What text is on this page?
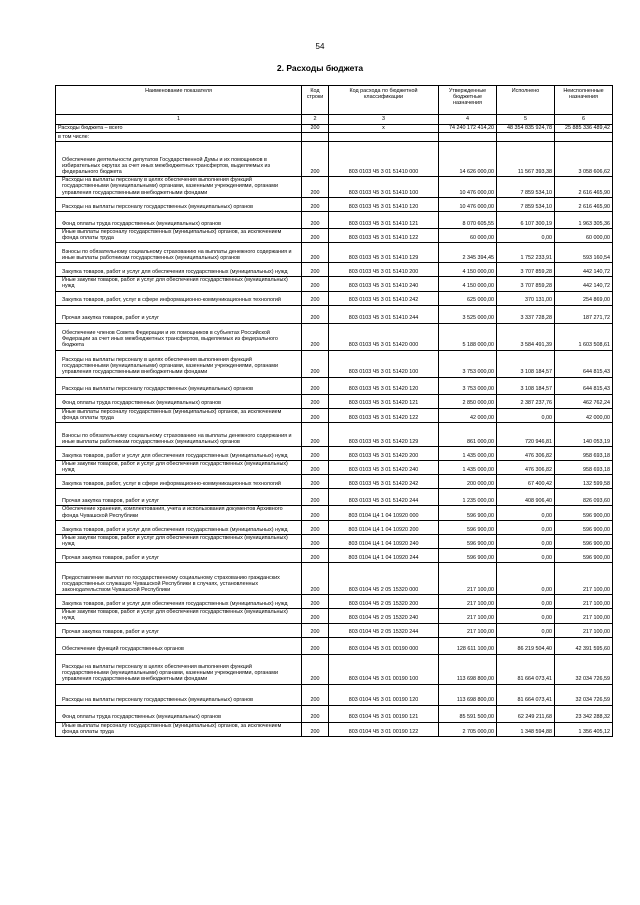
54
2. Расходы бюджета
Наименование показателя	Код строки	Код расхода по бюджетной классификации	Утвержденные бюджетные назначения	Исполнено	Неисполненные назначения
1	2	3	4	5	6
Расходы бюджета – всего	200	x	74 240 172 414,20	48 354 835 924,78	25 885 336 489,42
в том числе:					
Обеспечение деятельности депутатов Государственной Думы и их помощников в избирательных округах за счет иных межбюджетных трансфертов, выделяемых из федерального бюджета	200	803 0103 Ч5 3 01 51410 000	14 626 000,00	11 567 393,38	3 058 606,62
Расходы на выплаты персоналу в целях обеспечения выполнения функций государственными (муниципальными) органами, казенными учреждениями, органами управления государственными внебюджетными фондами	200	803 0103 Ч5 3 01 51410 100	10 476 000,00	7 859 534,10	2 616 465,90
Расходы на выплаты персоналу государственных (муниципальных) органов	200	803 0103 Ч5 3 01 51410 120	10 476 000,00	7 859 534,10	2 616 465,90
Фонд оплаты труда государственных (муниципальных) органов	200	803 0103 Ч5 3 01 51410 121	8 070 605,55	6 107 300,19	1 963 305,36
Иные выплаты персоналу государственных (муниципальных) органов, за исключением фонда оплаты труда	200	803 0103 Ч5 3 01 51410 122	60 000,00	0,00	60 000,00
Взносы по обязательному социальному страхованию на выплаты денежного содержания и иные выплаты работникам государственных (муниципальных) органов	200	803 0103 Ч5 3 01 51410 129	2 345 394,45	1 752 233,91	593 160,54
Закупка товаров, работ и услуг для обеспечения государственных (муниципальных) нужд	200	803 0103 Ч5 3 01 51410 200	4 150 000,00	3 707 859,28	442 140,72
Иные закупки товаров, работ и услуг для обеспечения государственных (муниципальных) нужд	200	803 0103 Ч5 3 01 51410 240	4 150 000,00	3 707 859,28	442 140,72
Закупка товаров, работ, услуг в сфере информационно-коммуникационных технологий	200	803 0103 Ч5 3 01 51410 242	625 000,00	370 131,00	254 869,00
Прочая закупка товаров, работ и услуг	200	803 0103 Ч5 3 01 51410 244	3 525 000,00	3 337 728,28	187 271,72
Обеспечение членов Совета Федерации и их помощников в субъектах Российской Федерации за счет иных межбюджетных трансфертов, выделяемых из федерального бюджета	200	803 0103 Ч5 3 01 51420 000	5 188 000,00	3 584 491,39	1 603 508,61
Расходы на выплаты персоналу в целях обеспечения выполнения функций государственными (муниципальными) органами, казенными учреждениями, органами управления государственными внебюджетными фондами	200	803 0103 Ч5 3 01 51420 100	3 753 000,00	3 108 184,57	644 815,43
Расходы на выплаты персоналу государственных (муниципальных) органов	200	803 0103 Ч5 3 01 51420 120	3 753 000,00	3 108 184,57	644 815,43
Фонд оплаты труда государственных (муниципальных) органов	200	803 0103 Ч5 3 01 51420 121	2 850 000,00	2 387 237,76	462 762,24
Иные выплаты персоналу государственных (муниципальных) органов, за исключением фонда оплаты труда	200	803 0103 Ч5 3 01 51420 122	42 000,00	0,00	42 000,00
Взносы по обязательному социальному страхованию на выплаты денежного содержания и иные выплаты работникам государственных (муниципальных) органов	200	803 0103 Ч5 3 01 51420 129	861 000,00	720 946,81	140 053,19
Закупка товаров, работ и услуг для обеспечения государственных (муниципальных) нужд	200	803 0103 Ч5 3 01 51420 200	1 435 000,00	476 306,82	958 693,18
Иные закупки товаров, работ и услуг для обеспечения государственных (муниципальных) нужд	200	803 0103 Ч5 3 01 51420 240	1 435 000,00	476 306,82	958 693,18
Закупка товаров, работ, услуг в сфере информационно-коммуникационных технологий	200	803 0103 Ч5 3 01 51420 242	200 000,00	67 400,42	132 599,58
Прочая закупка товаров, работ и услуг	200	803 0103 Ч5 3 01 51420 244	1 235 000,00	408 906,40	826 093,60
Обеспечение хранения, комплектования, учета и использования документов Архивного фонда Чувашской Республики	200	803 0104 Ц4 1 04 10920 000	596 900,00	0,00	596 900,00
Закупка товаров, работ и услуг для обеспечения государственных (муниципальных) нужд	200	803 0104 Ц4 1 04 10920 200	596 900,00	0,00	596 900,00
Иные закупки товаров, работ и услуг для обеспечения государственных (муниципальных) нужд	200	803 0104 Ц4 1 04 10920 240	596 900,00	0,00	596 900,00
Прочая закупка товаров, работ и услуг	200	803 0104 Ц4 1 04 10920 244	596 900,00	0,00	596 900,00
Предоставление выплат по государственному социальному страхованию гражданских государственных служащих Чувашской Республики в случаях, установленных законодательством Чувашской Республики	200	803 0104 Ч5 2 05 15320 000	217 100,00	0,00	217 100,00
Закупка товаров, работ и услуг для обеспечения государственных (муниципальных) нужд	200	803 0104 Ч5 2 05 15320 200	217 100,00	0,00	217 100,00
Иные закупки товаров, работ и услуг для обеспечения государственных (муниципальных) нужд	200	803 0104 Ч5 2 05 15320 240	217 100,00	0,00	217 100,00
Прочая закупка товаров, работ и услуг	200	803 0104 Ч5 2 05 15320 244	217 100,00	0,00	217 100,00
Обеспечение функций государственных органов	200	803 0104 Ч5 3 01 00190 000	128 611 100,00	86 219 504,40	42 391 595,60
Расходы на выплаты персоналу в целях обеспечения выполнения функций государственными (муниципальными) органами, казенными учреждениями, органами управления государственными внебюджетными фондами	200	803 0104 Ч5 3 01 00190 100	113 698 800,00	81 664 073,41	32 034 726,59
Расходы на выплаты персоналу государственных (муниципальных) органов	200	803 0104 Ч5 3 01 00190 120	113 698 800,00	81 664 073,41	32 034 726,59
Фонд оплаты труда государственных (муниципальных) органов	200	803 0104 Ч5 3 01 00190 121	85 591 500,00	62 249 211,68	23 342 288,32
Иные выплаты персоналу государственных (муниципальных) органов, за исключением фонда оплаты труда	200	803 0104 Ч5 3 01 00190 122	2 705 000,00	1 348 594,88	1 356 405,12
